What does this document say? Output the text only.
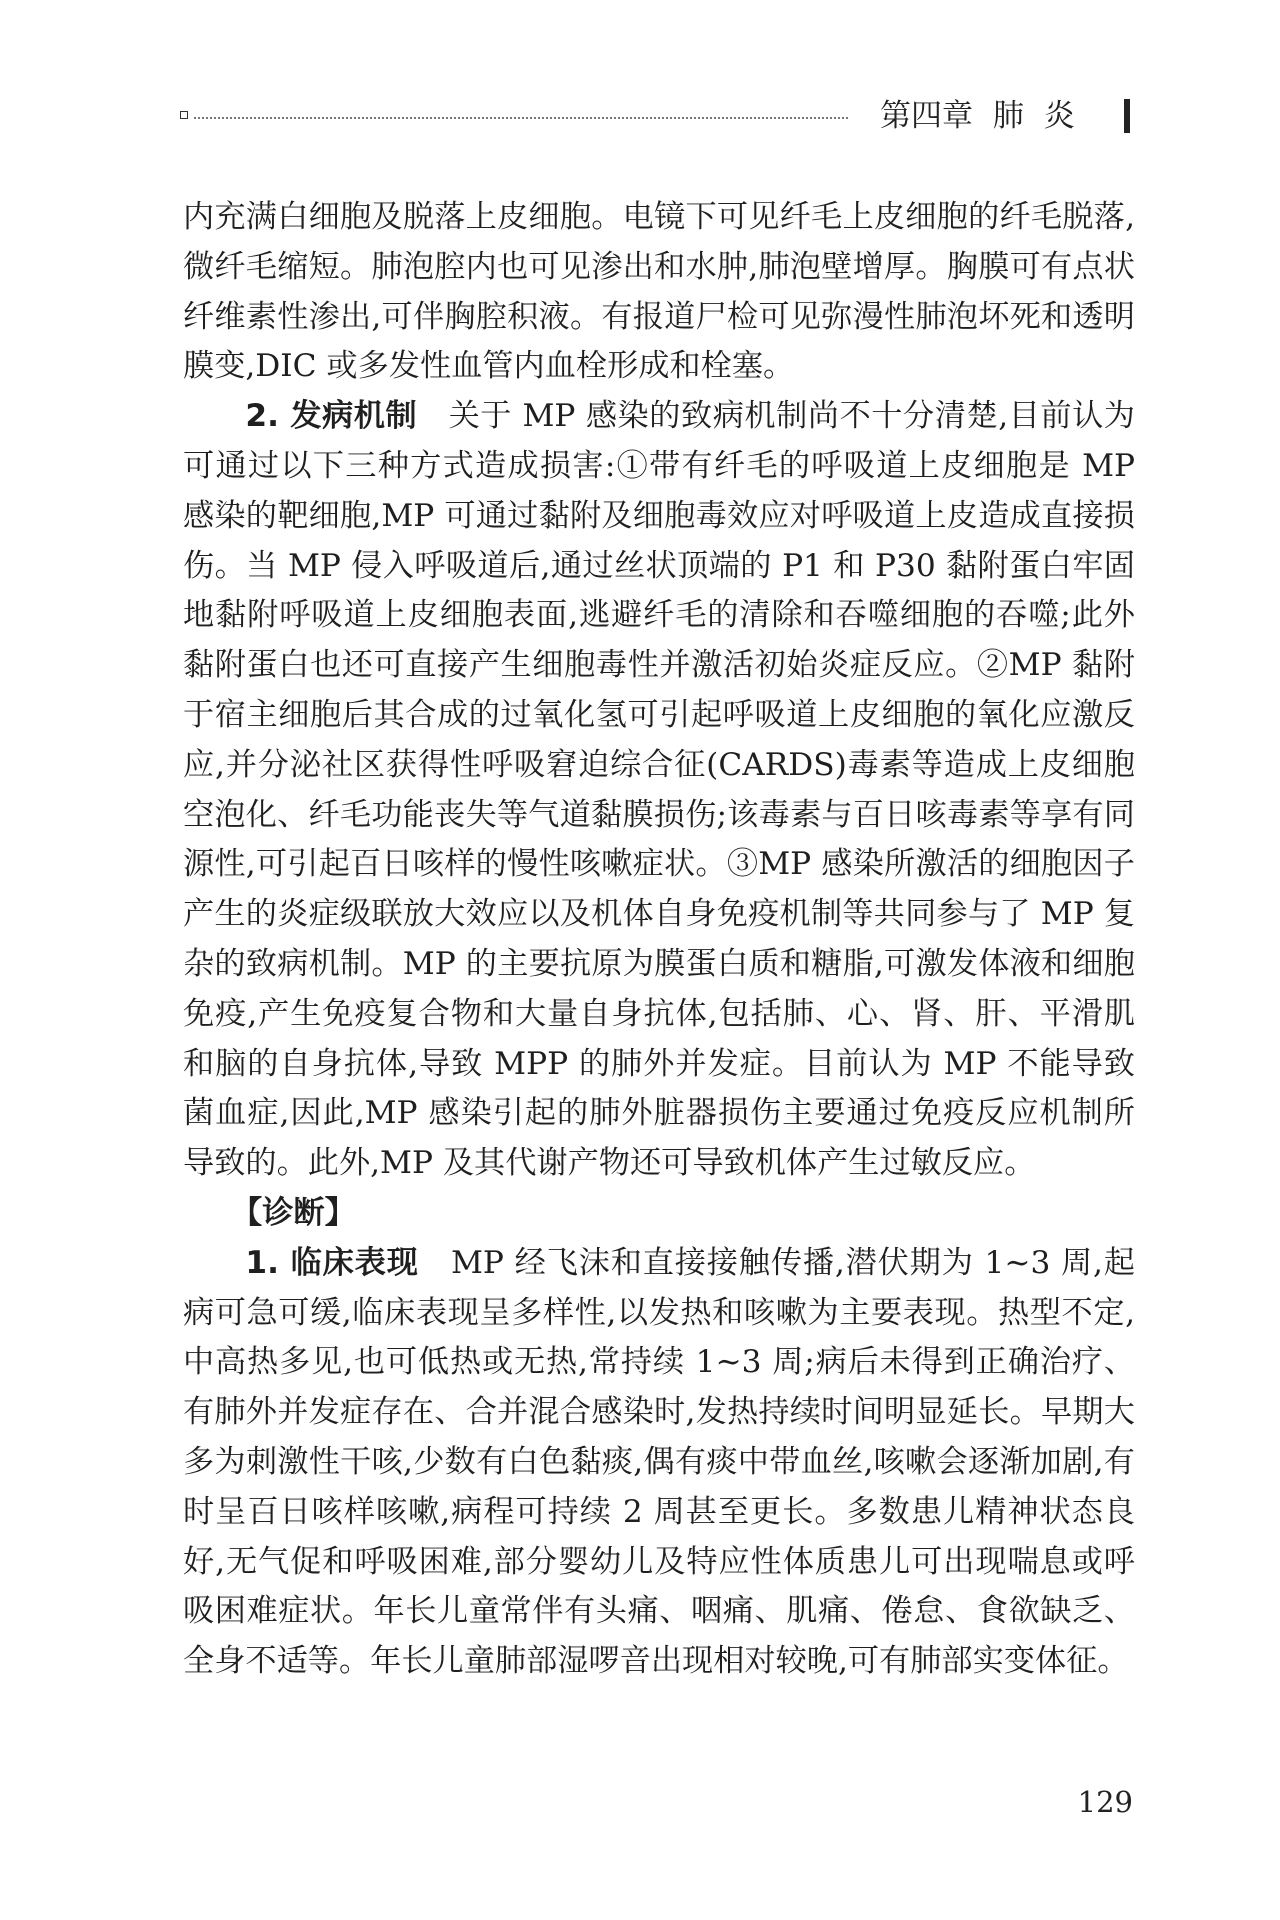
第四章 肺 炎

内充满白细胞及脱落上皮细胞。电镜下可见纤毛上皮细胞的纤毛脱落,微纤毛缩短。肺泡腔内也可见渗出和水肿,肺泡壁增厚。胸膜可有点状纤维素性渗出,可伴胸腔积液。有报道尸检可见弥漫性肺泡坏死和透明膜变,DIC 或多发性血管内血栓形成和栓塞。

2. 发病机制 关于 MP 感染的致病机制尚不十分清楚,目前认为可通过以下三种方式造成损害:①带有纤毛的呼吸道上皮细胞是 MP 感染的靶细胞,MP 可通过黏附及细胞毒效应对呼吸道上皮造成直接损伤。当 MP 侵入呼吸道后,通过丝状顶端的 P1 和 P30 黏附蛋白牢固地黏附呼吸道上皮细胞表面,逃避纤毛的清除和吞噬细胞的吞噬;此外黏附蛋白也还可直接产生细胞毒性并激活初始炎症反应。②MP 黏附于宿主细胞后其合成的过氧化氢可引起呼吸道上皮细胞的氧化应激反应,并分泌社区获得性呼吸窘迫综合征(CARDS)毒素等造成上皮细胞空泡化、纤毛功能丧失等气道黏膜损伤;该毒素与百日咳毒素等享有同源性,可引起百日咳样的慢性咳嗽症状。③MP 感染所激活的细胞因子产生的炎症级联放大效应以及机体自身免疫机制等共同参与了 MP 复杂的致病机制。MP 的主要抗原为膜蛋白质和糖脂,可激发体液和细胞免疫,产生免疫复合物和大量自身抗体,包括肺、心、肾、肝、平滑肌和脑的自身抗体,导致 MPP 的肺外并发症。目前认为 MP 不能导致菌血症,因此,MP 感染引起的肺外脏器损伤主要通过免疫反应机制所导致的。此外,MP 及其代谢产物还可导致机体产生过敏反应。

【诊断】

1. 临床表现 MP 经飞沫和直接接触传播,潜伏期为 1~3 周,起病可急可缓,临床表现呈多样性,以发热和咳嗽为主要表现。热型不定,中高热多见,也可低热或无热,常持续 1~3 周;病后未得到正确治疗、有肺外并发症存在、合并混合感染时,发热持续时间明显延长。早期大多为刺激性干咳,少数有白色黏痰,偶有痰中带血丝,咳嗽会逐渐加剧,有时呈百日咳样咳嗽,病程可持续 2 周甚至更长。多数患儿精神状态良好,无气促和呼吸困难,部分婴幼儿及特应性体质患儿可出现喘息或呼吸困难症状。年长儿童常伴有头痛、咽痛、肌痛、倦怠、食欲缺乏、全身不适等。年长儿童肺部湿啰音出现相对较晚,可有肺部实变体征。

129
